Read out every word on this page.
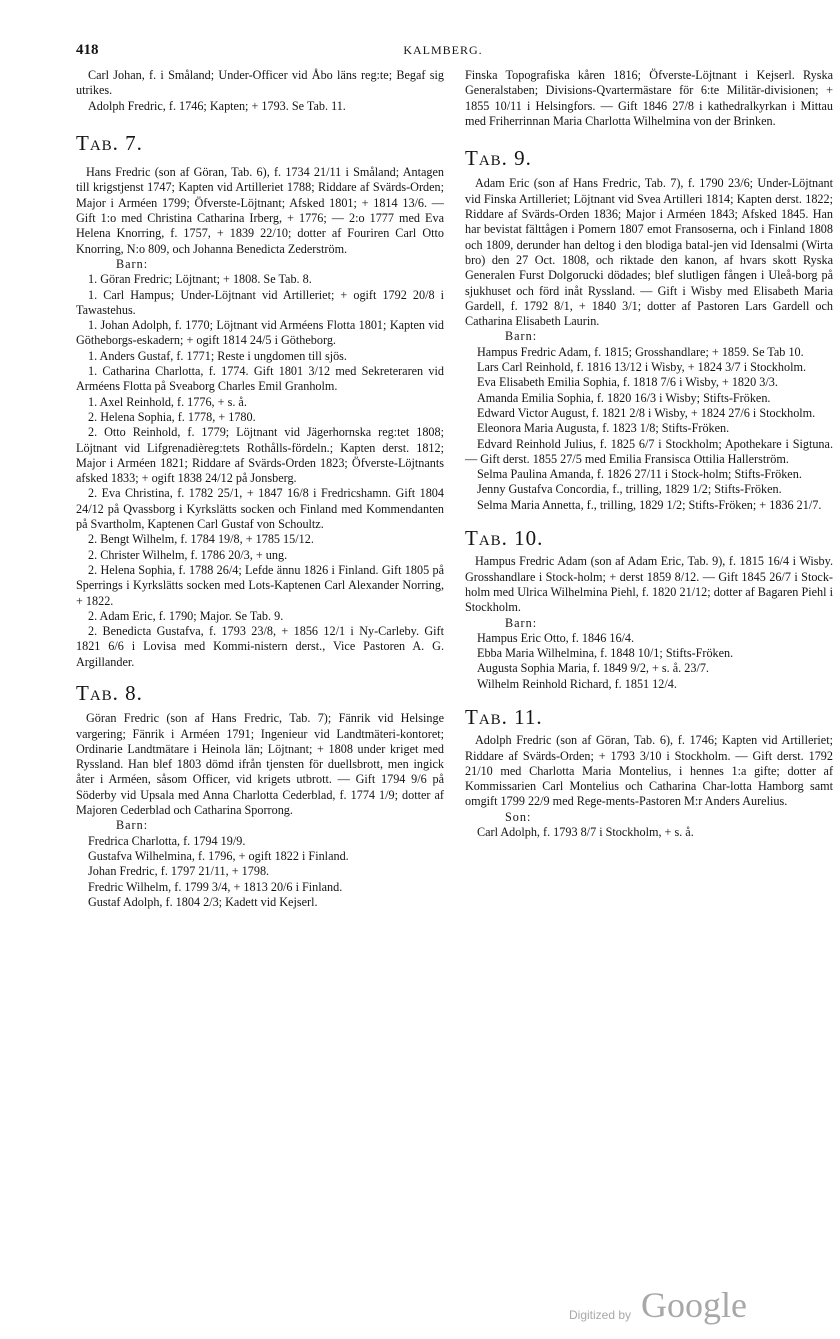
418	KALMBERG.

Carl Johan, f. i Småland; Under-Officer vid Åbo läns reg:te; Begaf sig utrikes.

Adolph Fredric, f. 1746; Kapten; + 1793. Se Tab. 11.

Tab. 7.

Hans Fredric (son af Göran, Tab. 6), f. 1734 21/11 i Småland; Antagen till krigstjenst 1747; Kapten vid Artilleriet 1788; Riddare af Svärds-Orden; Major i Arméen 1799; Öfverste-Löjtnant; Afsked 1801; + 1814 13/6. — Gift 1:o med Christina Catharina Irberg, + 1776; — 2:o 1777 med Eva Helena Knorring, f. 1757, + 1839 22/10; dotter af Fouriren Carl Otto Knorring, N:o 809, och Johanna Benedicta Zederström.

Barn:

1. Göran Fredric; Löjtnant; + 1808. Se Tab. 8.

1. Carl Hampus; Under-Löjtnant vid Artilleriet; + ogift 1792 20/8 i Tawastehus.

1. Johan Adolph, f. 1770; Löjtnant vid Arméens Flotta 1801; Kapten vid Götheborgs-eskadern; + ogift 1814 24/5 i Götheborg.

1. Anders Gustaf, f. 1771; Reste i ungdomen till sjös.

1. Catharina Charlotta, f. 1774. Gift 1801 3/12 med Sekreteraren vid Arméens Flotta på Sveaborg Charles Emil Granholm.

1. Axel Reinhold, f. 1776, + s. å.

2. Helena Sophia, f. 1778, + 1780.

2. Otto Reinhold, f. 1779; Löjtnant vid Jägerhornska reg:tet 1808; Löjtnant vid Lifgrenadièreg:tets Rothålls-fördeln.; Kapten derst. 1812; Major i Arméen 1821; Riddare af Svärds-Orden 1823; Öfverste-Löjtnants afsked 1833; + ogift 1838 24/12 på Jonsberg.

2. Eva Christina, f. 1782 25/1, + 1847 16/8 i Fredricshamn. Gift 1804 24/12 på Qvassborg i Kyrkslätts socken och Finland med Kommendanten på Svartholm, Kaptenen Carl Gustaf von Schoultz.

2. Bengt Wilhelm, f. 1784 19/8, + 1785 15/12.

2. Christer Wilhelm, f. 1786 20/3, + ung.

2. Helena Sophia, f. 1788 26/4; Lefde ännu 1826 i Finland. Gift 1805 på Sperrings i Kyrkslätts socken med Lots-Kaptenen Carl Alexander Norring, + 1822.

2. Adam Eric, f. 1790; Major. Se Tab. 9.

2. Benedicta Gustafva, f. 1793 23/8, + 1856 12/1 i Ny-Carleby. Gift 1821 6/6 i Lovisa med Kommi-nistern derst., Vice Pastoren A. G. Argillander.

Tab. 8.

Göran Fredric (son af Hans Fredric, Tab. 7); Fänrik vid Helsinge vargering; Fänrik i Arméen 1791; Ingenieur vid Landtmäteri-kontoret; Ordinarie Landtmätare i Heinola län; Löjtnant; + 1808 under kriget med Ryssland. Han blef 1803 dömd ifrån tjensten för duellsbrott, men ingick åter i Arméen, såsom Officer, vid krigets utbrott. — Gift 1794 9/6 på Söderby vid Upsala med Anna Charlotta Cederblad, f. 1774 1/9; dotter af Majoren Cederblad och Catharina Sporrong.

Barn:

Fredrica Charlotta, f. 1794 19/9.

Gustafva Wilhelmina, f. 1796, + ogift 1822 i Finland.

Johan Fredric, f. 1797 21/11, + 1798.

Fredric Wilhelm, f. 1799 3/4, + 1813 20/6 i Finland.

Gustaf Adolph, f. 1804 2/3; Kadett vid Kejserl.

Finska Topografiska kåren 1816; Öfverste-Löjtnant i Kejserl. Ryska Generalstaben; Divisions-Qvartermästare för 6:te Militär-divisionen; + 1855 10/11 i Helsingfors. — Gift 1846 27/8 i kathedralkyrkan i Mittau med Friherrinnan Maria Charlotta Wilhelmina von der Brinken.

Tab. 9.

Adam Eric (son af Hans Fredric, Tab. 7), f. 1790 23/6; Under-Löjtnant vid Finska Artilleriet; Löjtnant vid Svea Artilleri 1814; Kapten derst. 1822; Riddare af Svärds-Orden 1836; Major i Arméen 1843; Afsked 1845. Han har bevistat fälttågen i Pomern 1807 emot Fransoserna, och i Finland 1808 och 1809, derunder han deltog i den blodiga batal-jen vid Idensalmi (Wirta bro) den 27 Oct. 1808, och riktade den kanon, af hvars skott Ryska Generalen Furst Dolgorucki dödades; blef slutligen fången i Uleå-borg på sjukhuset och förd inåt Ryssland. — Gift i Wisby med Elisabeth Maria Gardell, f. 1792 8/1, + 1840 3/1; dotter af Pastoren Lars Gardell och Catharina Elisabeth Laurin.

Barn:

Hampus Fredric Adam, f. 1815; Grosshandlare; + 1859. Se Tab 10.

Lars Carl Reinhold, f. 1816 13/12 i Wisby, + 1824 3/7 i Stockholm.

Eva Elisabeth Emilia Sophia, f. 1818 7/6 i Wisby, + 1820 3/3.

Amanda Emilia Sophia, f. 1820 16/3 i Wisby; Stifts-Fröken.

Edward Victor August, f. 1821 2/8 i Wisby, + 1824 27/6 i Stockholm.

Eleonora Maria Augusta, f. 1823 1/8; Stifts-Fröken.

Edvard Reinhold Julius, f. 1825 6/7 i Stockholm; Apothekare i Sigtuna. — Gift derst. 1855 27/5 med Emilia Fransisca Ottilia Hallerström.

Selma Paulina Amanda, f. 1826 27/11 i Stock-holm; Stifts-Fröken.

Jenny Gustafva Concordia, f., trilling, 1829 1/2; Stifts-Fröken.

Selma Maria Annetta, f., trilling, 1829 1/2; Stifts-Fröken; + 1836 21/7.

Tab. 10.

Hampus Fredric Adam (son af Adam Eric, Tab. 9), f. 1815 16/4 i Wisby. Grosshandlare i Stock-holm; + derst 1859 8/12. — Gift 1845 26/7 i Stock-holm med Ulrica Wilhelmina Piehl, f. 1820 21/12; dotter af Bagaren Piehl i Stockholm.

Barn:

Hampus Eric Otto, f. 1846 16/4.

Ebba Maria Wilhelmina, f. 1848 10/1; Stifts-Fröken.

Augusta Sophia Maria, f. 1849 9/2, + s. å. 23/7.

Wilhelm Reinhold Richard, f. 1851 12/4.

Tab. 11.

Adolph Fredric (son af Göran, Tab. 6), f. 1746; Kapten vid Artilleriet; Riddare af Svärds-Orden; + 1793 3/10 i Stockholm. — Gift derst. 1792 21/10 med Charlotta Maria Montelius, i hennes 1:a gifte; dotter af Kommissarien Carl Montelius och Catharina Char-lotta Hamborg samt omgift 1799 22/9 med Rege-ments-Pastoren M:r Anders Aurelius.

Son:

Carl Adolph, f. 1793 8/7 i Stockholm, + s. å.

Digitized by Google
